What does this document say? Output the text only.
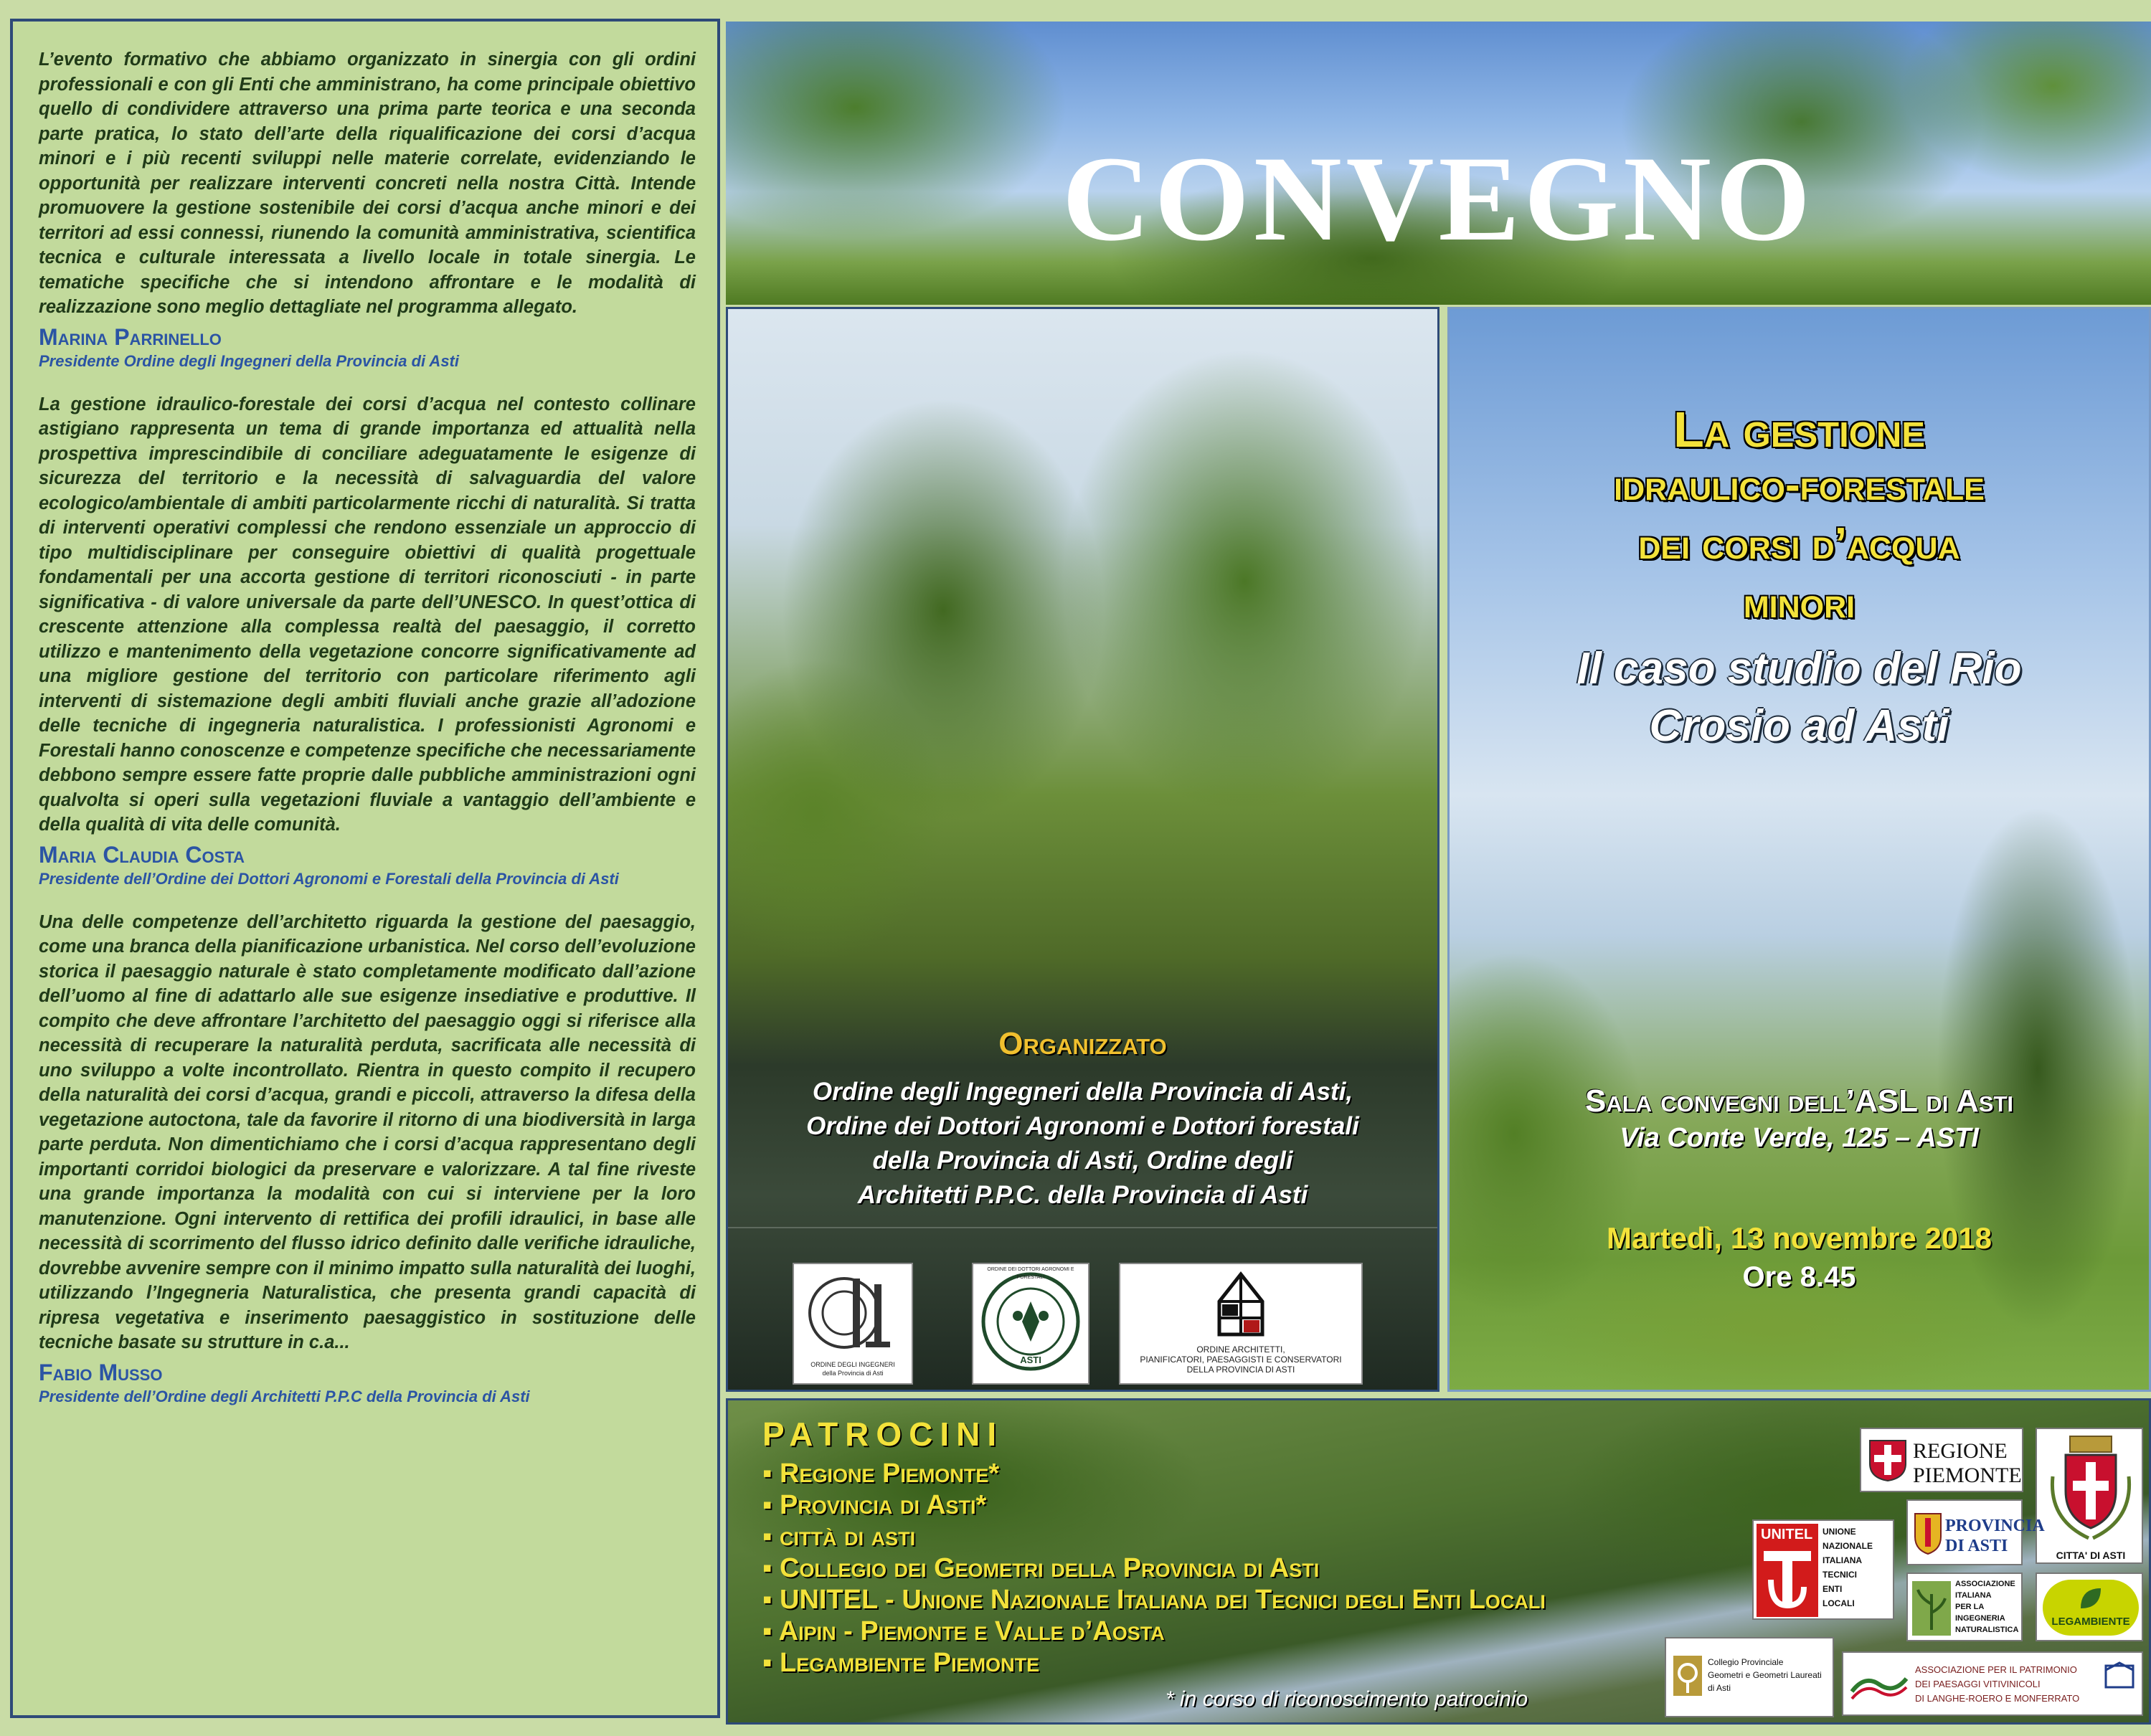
L’evento formativo che abbiamo organizzato in sinergia con gli ordini professionali e con gli Enti che amministrano, ha come principale obiettivo quello di condividere attraverso una prima parte teorica e una seconda parte pratica, lo stato dell’arte della riqualificazione dei corsi d’acqua minori e i più recenti sviluppi nelle materie correlate, evidenziando le opportunità per realizzare interventi concreti nella nostra Città. Intende promuovere la gestione sostenibile dei corsi d’acqua anche minori e dei territori ad essi connessi, riunendo la comunità amministrativa, scientifica tecnica e culturale interessata a livello locale in totale sinergia. Le tematiche specifiche che si intendono affrontare e le modalità di realizzazione sono meglio dettagliate nel programma allegato.

Marina Parrinello

Presidente Ordine degli Ingegneri della Provincia di Asti

La gestione idraulico-forestale dei corsi d’acqua nel contesto collinare astigiano rappresenta un tema di grande importanza ed attualità nella prospettiva imprescindibile di conciliare adeguatamente le esigenze di sicurezza del territorio e la necessità di salvaguardia del valore ecologico/ambientale di ambiti particolarmente ricchi di naturalità. Si tratta di interventi operativi complessi che rendono essenziale un approccio di tipo multidisciplinare per conseguire obiettivi di qualità progettuale fondamentali per una accorta gestione di territori riconosciuti - in parte significativa - di valore universale da parte dell’UNESCO. In quest’ottica di crescente attenzione alla complessa realtà del paesaggio, il corretto utilizzo e mantenimento della vegetazione concorre significativamente ad una migliore gestione del territorio con particolare riferimento agli interventi di sistemazione degli ambiti fluviali anche grazie all’adozione delle tecniche di ingegneria naturalistica. I professionisti Agronomi e Forestali hanno conoscenze e competenze specifiche che necessariamente debbono sempre essere fatte proprie dalle pubbliche amministrazioni ogni qualvolta si operi sulla vegetazioni fluviale a vantaggio dell’ambiente e della qualità di vita delle comunità.

Maria Claudia Costa

Presidente dell’Ordine dei Dottori Agronomi e Forestali della Provincia di Asti

Una delle competenze dell’architetto riguarda la gestione del paesaggio, come una branca della pianificazione urbanistica. Nel corso dell’evoluzione storica il paesaggio naturale è stato completamente modificato dall’azione dell’uomo al fine di adattarlo alle sue esigenze insediative e produttive. Il compito che deve affrontare l’architetto del paesaggio oggi si riferisce alla necessità di recuperare la naturalità perduta, sacrificata alle necessità di uno sviluppo a volte incontrollato. Rientra in questo compito il recupero della naturalità dei corsi d’acqua, grandi e piccoli, attraverso la difesa della vegetazione autoctona, tale da favorire il ritorno di una biodiversità in larga parte perduta. Non dimentichiamo che i corsi d’acqua rappresentano degli importanti corridoi biologici da preservare e valorizzare. A tal fine riveste una grande importanza la modalità con cui si interviene per la loro manutenzione. Ogni intervento di rettifica dei profili idraulici, in base alle necessità di scorrimento del flusso idrico definito dalle verifiche idrauliche, dovrebbe avvenire sempre con il minimo impatto sulla naturalità dei luoghi, utilizzando l’Ingegneria Naturalistica, che presenta grandi capacità di ripresa vegetativa e inserimento paesaggistico in sostituzione delle tecniche basate su strutture in c.a...

Fabio Musso

Presidente dell’Ordine degli Architetti P.P.C della Provincia di Asti

CONVEGNO

Organizzato

Ordine degli Ingegneri della Provincia di Asti,

Ordine dei Dottori Agronomi e Dottori forestali

della Provincia di Asti, Ordine degli

Architetti P.P.C. della Provincia di Asti

ORDINE DEGLI INGEGNERI

della Provincia di Asti

ASTI

ORDINE DEI DOTTORI AGRONOMI E FORESTALI

ORDINE ARCHITETTI,

PIANIFICATORI, PAESAGGISTI E CONSERVATORI

DELLA PROVINCIA DI ASTI

La gestione
idraulico-forestale
dei corsi d’acqua
minori

Il caso studio del Rio

Crosio ad Asti

Sala convegni dell’ASL di Asti

Via Conte Verde, 125 – ASTI

Martedì, 13 novembre 2018

Ore 8.45

PATROCINI
▪ Regione Piemonte*
▪ Provincia di Asti*
▪ città di asti
▪ Collegio dei Geometri della Provincia di Asti
▪ UNITEL - Unione Nazionale Italiana dei Tecnici degli Enti Locali
▪ Aipin - Piemonte e Valle d’Aosta
▪ Legambiente Piemonte

* in corso di riconoscimento patrocinio

REGIONE

PIEMONTE

CITTA' DI ASTI

PROVINCIA

DI ASTI

UNITEL UNIONE

NAZIONALE

ITALIANA

TECNICI

ENTI

LOCALI

ASSOCIAZIONE

ITALIANA

PER LA

INGEGNERIA

NATURALISTICA

LEGAMBIENTE

Collegio Provinciale

Geometri e Geometri Laureati

di Asti

ASSOCIAZIONE PER IL PATRIMONIO

DEI PAESAGGI VITIVINICOLI

DI LANGHE-ROERO E MONFERRATO
